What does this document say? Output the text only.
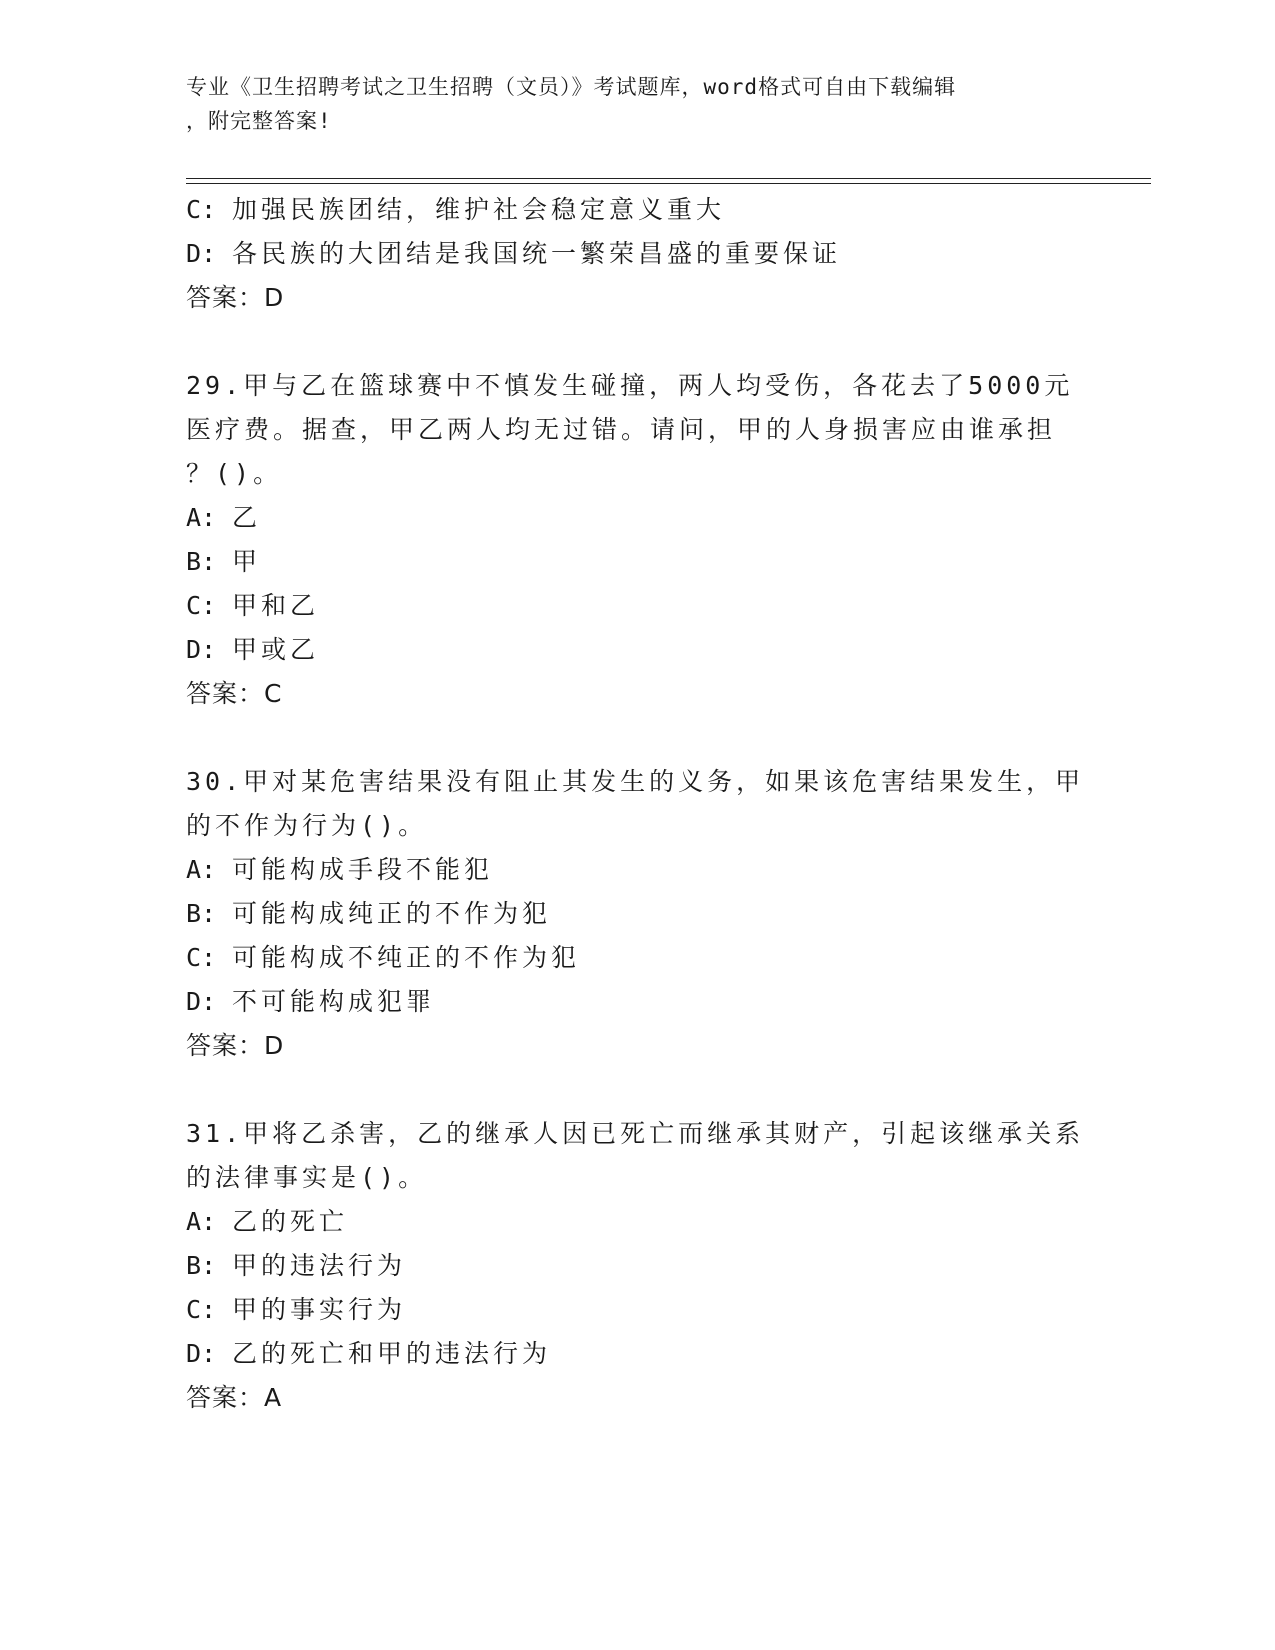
专业《卫生招聘考试之卫生招聘（文员）》考试题库，word格式可自由下载编辑
，附完整答案!
C: 加强民族团结，维护社会稳定意义重大
D: 各民族的大团结是我国统一繁荣昌盛的重要保证
答案：D
29.甲与乙在篮球赛中不慎发生碰撞，两人均受伤，各花去了5000元
医疗费。据查，甲乙两人均无过错。请问，甲的人身损害应由谁承担
？()。
A: 乙
B: 甲
C: 甲和乙
D: 甲或乙
答案：C
30.甲对某危害结果没有阻止其发生的义务，如果该危害结果发生，甲
的不作为行为()。
A: 可能构成手段不能犯
B: 可能构成纯正的不作为犯
C: 可能构成不纯正的不作为犯
D: 不可能构成犯罪
答案：D
31.甲将乙杀害，乙的继承人因已死亡而继承其财产，引起该继承关系
的法律事实是()。
A: 乙的死亡
B: 甲的违法行为
C: 甲的事实行为
D: 乙的死亡和甲的违法行为
答案：A
